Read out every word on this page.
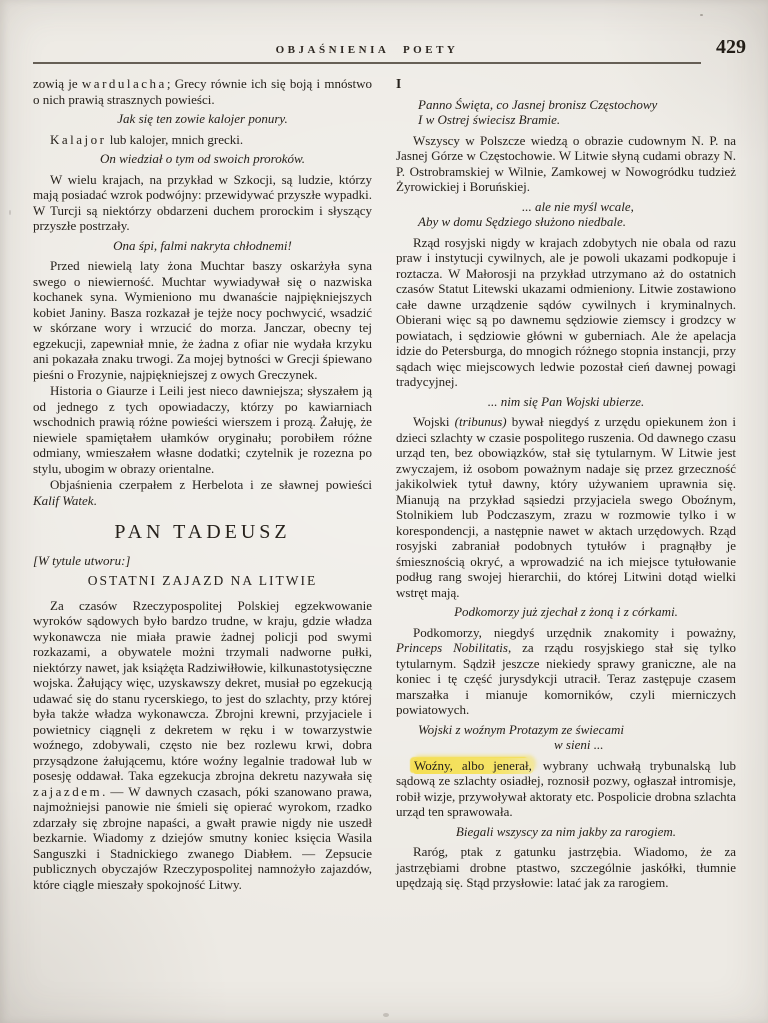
OBJAŚNIENIA POETY	429

zowią je wardulacha; Grecy równie ich się boją i mnóstwo o nich prawią strasznych powieści.

Jak się ten zowie kalojer ponury.

Kalajor lub kalojer, mnich grecki.

On wiedział o tym od swoich proroków.

W wielu krajach, na przykład w Szkocji, są ludzie, którzy mają posiadać wzrok podwójny: przewidywać przyszłe wypadki. W Turcji są niektórzy obdarzeni duchem prorockim i słyszący przyszłe postrzały.

Ona śpi, falmi nakryta chłodnemi!

Przed niewielą laty żona Muchtar baszy oskarżyła syna swego o niewierność. Muchtar wywiadywał się o nazwiska kochanek syna. Wymieniono mu dwanaście najpiękniejszych kobiet Janiny. Basza rozkazał je tejże nocy pochwycić, wsadzić w skórzane wory i wrzucić do morza. Janczar, obecny tej egzekucji, zapewniał mnie, że żadna z ofiar nie wydała krzyku ani pokazała znaku trwogi. Za mojej bytności w Grecji śpiewano pieśni o Frozynie, najpiękniejszej z owych Greczynek.

Historia o Giaurze i Leili jest nieco dawniejsza; słyszałem ją od jednego z tych opowiadaczy, którzy po kawiarniach wschodnich prawią różne powieści wierszem i prozą. Żałuję, że niewiele spamiętałem ułamków oryginału; porobiłem różne odmiany, wmieszałem własne dodatki; czytelnik je rozezna po stylu, ubogim w obrazy orientalne.

Objaśnienia czerpałem z Herbelota i ze sławnej powieści Kalif Watek.

PAN TADEUSZ
[W tytule utworu:]
OSTATNI ZAJAZD NA LITWIE

Za czasów Rzeczypospolitej Polskiej egzekwowanie wyroków sądowych było bardzo trudne, w kraju, gdzie władza wykonawcza nie miała prawie żadnej policji pod swymi rozkazami, a obywatele możni trzymali nadworne pułki, niektórzy nawet, jak książęta Radziwiłłowie, kilkunastotysięczne wojska. Żałujący więc, uzyskawszy dekret, musiał po egzekucją udawać się do stanu rycerskiego, to jest do szlachty, przy której była także władza wykonawcza. Zbrojni krewni, przyjaciele i powietnicy ciągnęli z dekretem w ręku i w towarzystwie woźnego, zdobywali, często nie bez rozlewu krwi, dobra przysądzone żałującemu, które woźny legalnie tradował lub w posesję oddawał. Taka egzekucja zbrojna dekretu nazywała się zajazdem. — W dawnych czasach, póki szanowano prawa, najmożniejsi panowie nie śmieli się opierać wyrokom, rzadko zdarzały się zbrojne napaści, a gwałt prawie nigdy nie uszedł bezkarnie. Wiadomy z dziejów smutny koniec księcia Wasila Sanguszki i Stadnickiego zwanego Diabłem. — Zepsucie publicznych obyczajów Rzeczypospolitej namnożyło zajazdów, które ciągle mieszały spokojność Litwy.

I
Panno Święta, co Jasnej bronisz Częstochowy
I w Ostrej świecisz Bramie.

Wszyscy w Polszcze wiedzą o obrazie cudownym N. P. na Jasnej Górze w Częstochowie. W Litwie słyną cudami obrazy N. P. Ostrobramskiej w Wilnie, Zamkowej w Nowogródku tudzież Żyrowickiej i Boruńskiej.

... ale nie myśl wcale,
Aby w domu Sędziego służono niedbale.

Rząd rosyjski nigdy w krajach zdobytych nie obala od razu praw i instytucji cywilnych, ale je powoli ukazami podkopuje i roztacza. W Małorosji na przykład utrzymano aż do ostatnich czasów Statut Litewski ukazami odmieniony. Litwie zostawiono całe dawne urządzenie sądów cywilnych i kryminalnych. Obierani więc są po dawnemu sędziowie ziemscy i grodzcy w powiatach, i sędziowie główni w guberniach. Ale że apelacja idzie do Petersburga, do mnogich różnego stopnia instancji, przy sądach więc miejscowych ledwie pozostał cień dawnej powagi tradycyjnej.

... nim się Pan Wojski ubierze.

Wojski (tribunus) bywał niegdyś z urzędu opiekunem żon i dzieci szlachty w czasie pospolitego ruszenia. Od dawnego czasu urząd ten, bez obowiązków, stał się tytularnym. W Litwie jest zwyczajem, iż osobom poważnym nadaje się przez grzeczność jakikolwiek tytuł dawny, który używaniem uprawnia się. Mianują na przykład sąsiedzi przyjaciela swego Oboźnym, Stolnikiem lub Podczaszym, zrazu w rozmowie tylko i w korespondencji, a następnie nawet w aktach urzędowych. Rząd rosyjski zabraniał podobnych tytułów i pragnąłby je śmiesznością okryć, a wprowadzić na ich miejsce tytułowanie podług rang swojej hierarchii, do której Litwini dotąd wielki wstręt mają.

Podkomorzy już zjechał z żoną i z córkami.

Podkomorzy, niegdyś urzędnik znakomity i poważny, Princeps Nobilitatis, za rządu rosyjskiego stał się tylko tytularnym. Sądził jeszcze niekiedy sprawy graniczne, ale na koniec i tę część jurysdykcji utracił. Teraz zastępuje czasem marszałka i mianuje komorników, czyli mierniczych powiatowych.

Wojski z woźnym Protazym ze świecami
w sieni ...

Woźny, albo jenerał, wybrany uchwałą trybunalską lub sądową ze szlachty osiadłej, roznosił pozwy, ogłaszał intromisje, robił wizje, przywoływał aktoraty etc. Pospolicie drobna szlachta urząd ten sprawowała.

Biegali wszyscy za nim jakby za rarogiem.

Raróg, ptak z gatunku jastrzębia. Wiadomo, że za jastrzębiami drobne ptastwo, szczególnie jaskółki, tłumnie upędzają się. Stąd przysłowie: latać jak za rarogiem.
